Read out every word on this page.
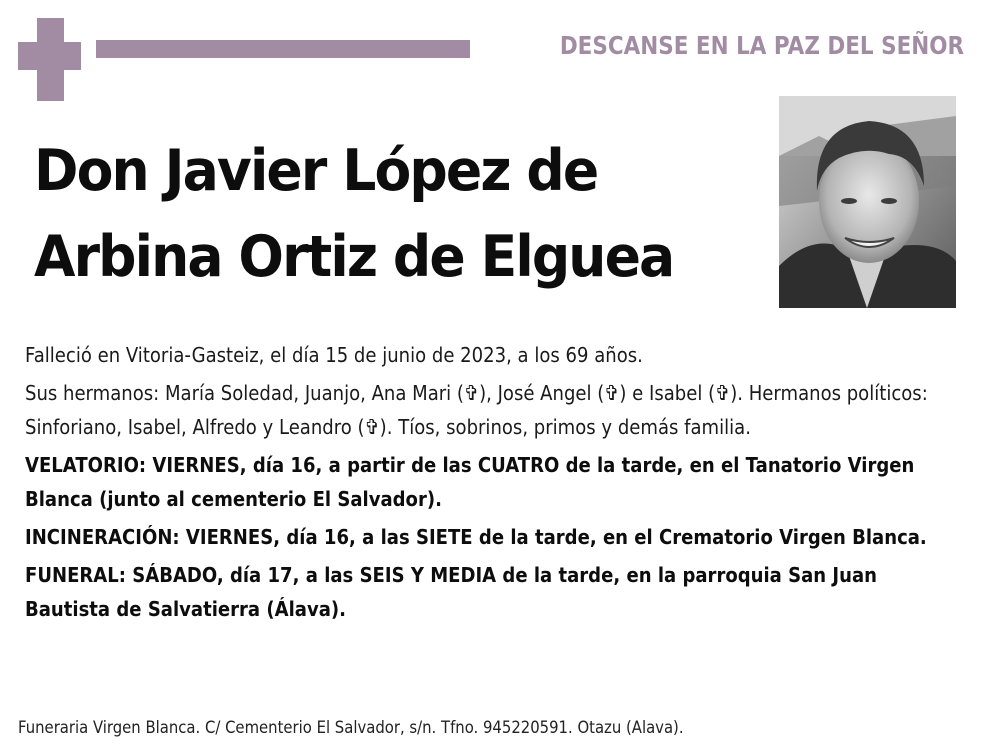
DESCANSE EN LA PAZ DEL SEÑOR
Don Javier López de
Arbina Ortiz de Elguea

Falleció en Vitoria-Gasteiz, el día 15 de junio de 2023, a los 69 años.

Sus hermanos: María Soledad, Juanjo, Ana Mari (✞), José Angel (✞) e Isabel (✞). Hermanos políticos: Sinforiano, Isabel, Alfredo y Leandro (✞). Tíos, sobrinos, primos y demás familia.

VELATORIO: VIERNES, día 16, a partir de las CUATRO de la tarde, en el Tanatorio Virgen Blanca (junto al cementerio El Salvador).

INCINERACIÓN: VIERNES, día 16, a las SIETE de la tarde, en el Crematorio Virgen Blanca.

FUNERAL: SÁBADO, día 17, a las SEIS Y MEDIA de la tarde, en la parroquia San Juan Bautista de Salvatierra (Álava).

Funeraria Virgen Blanca. C/ Cementerio El Salvador, s/n. Tfno. 945220591. Otazu (Alava).
